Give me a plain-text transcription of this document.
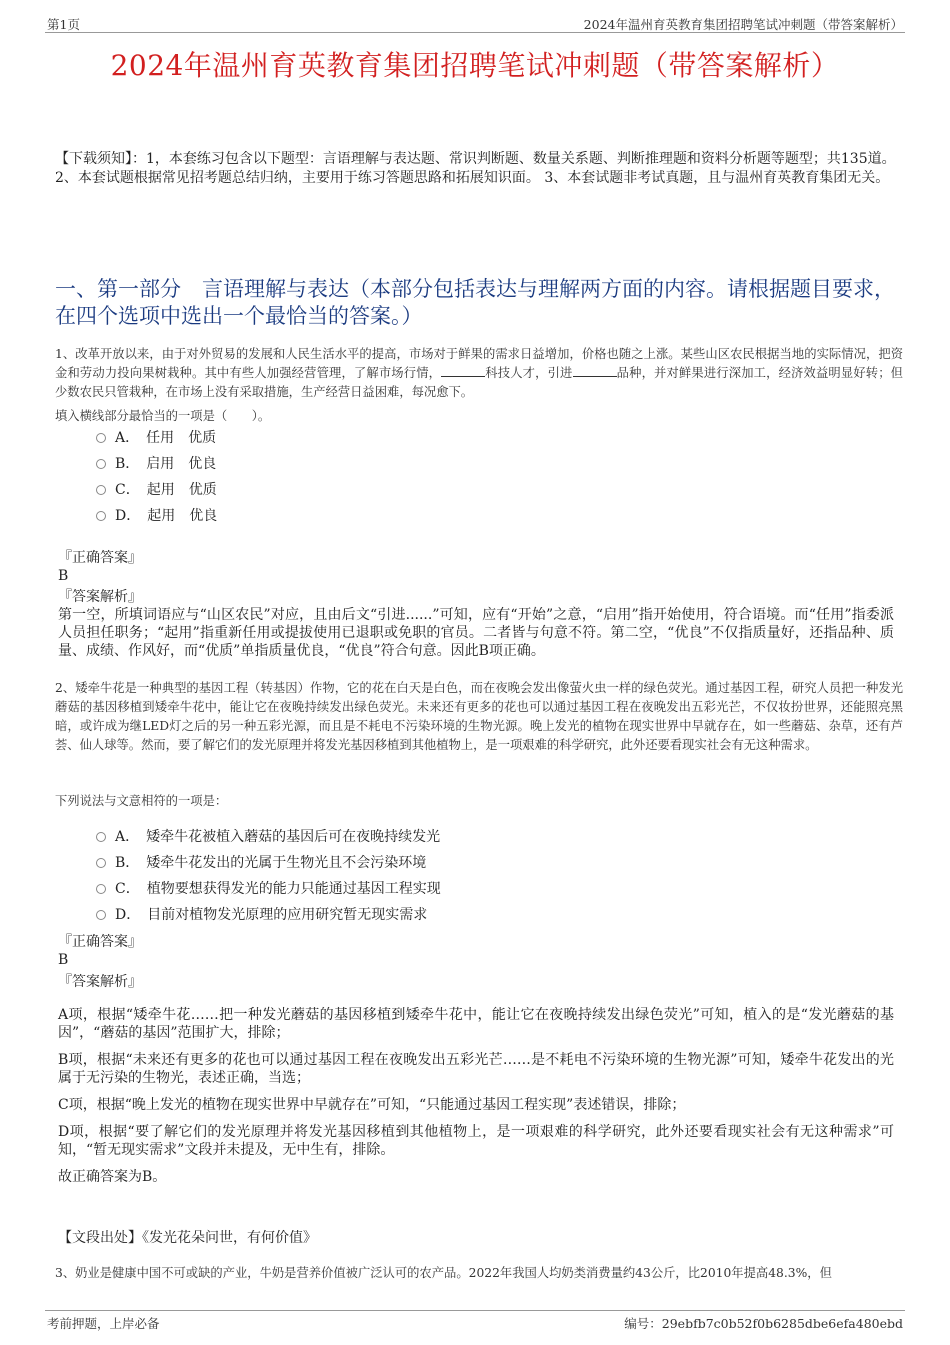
第1页	2024年温州育英教育集团招聘笔试冲刺题（带答案解析）
2024年温州育英教育集团招聘笔试冲刺题（带答案解析）
【下载须知】：1，本套练习包含以下题型：言语理解与表达题、常识判断题、数量关系题、判断推理题和资料分析题等题型；共135道。 2、本套试题根据常见招考题总结归纳，主要用于练习答题思路和拓展知识面。 3、本套试题非考试真题，且与温州育英教育集团无关。
一、第一部分　言语理解与表达（本部分包括表达与理解两方面的内容。请根据题目要求，在四个选项中选出一个最恰当的答案。）
1、改革开放以来，由于对外贸易的发展和人民生活水平的提高，市场对于鲜果的需求日益增加，价格也随之上涨。某些山区农民根据当地的实际情况，把资金和劳动力投向果树栽种。其中有些人加强经营管理，了解市场行情，	科技人才，引进	品种，并对鲜果进行深加工，经济效益明显好转；但少数农民只管栽种，在市场上没有采取措施，生产经营日益困难，每况愈下。
填入横线部分最恰当的一项是（　　）。
A．　任用　优质
B．　启用　优良
C．　起用　优质
D．　起用　优良
『正确答案』
B
『答案解析』
第一空，所填词语应与“山区农民”对应，且由后文“引进......”可知，应有“开始”之意，“启用”指开始使用，符合语境。而“任用”指委派人员担任职务；“起用”指重新任用或提拔使用已退职或免职的官员。二者皆与句意不符。第二空，“优良”不仅指质量好，还指品种、质量、成绩、作风好，而“优质”单指质量优良，“优良”符合句意。因此B项正确。
2、矮牵牛花是一种典型的基因工程（转基因）作物，它的花在白天是白色，而在夜晚会发出像萤火虫一样的绿色荧光。通过基因工程，研究人员把一种发光蘑菇的基因移植到矮牵牛花中，能让它在夜晚持续发出绿色荧光。未来还有更多的花也可以通过基因工程在夜晚发出五彩光芒，不仅妆扮世界，还能照亮黑暗，或许成为继LED灯之后的另一种五彩光源，而且是不耗电不污染环境的生物光源。晚上发光的植物在现实世界中早就存在，如一些蘑菇、杂草，还有芦荟、仙人球等。然而，要了解它们的发光原理并将发光基因移植到其他植物上，是一项艰难的科学研究，此外还要看现实社会有无这种需求。
下列说法与文意相符的一项是：
A．　矮牵牛花被植入蘑菇的基因后可在夜晚持续发光
B．　矮牵牛花发出的光属于生物光且不会污染环境
C．　植物要想获得发光的能力只能通过基因工程实现
D．　目前对植物发光原理的应用研究暂无现实需求
『正确答案』
B
『答案解析』

A项，根据“矮牵牛花……把一种发光蘑菇的基因移植到矮牵牛花中，能让它在夜晚持续发出绿色荧光”可知，植入的是“发光蘑菇的基因”，“蘑菇的基因”范围扩大，排除；

B项，根据“未来还有更多的花也可以通过基因工程在夜晚发出五彩光芒……是不耗电不污染环境的生物光源”可知，矮牵牛花发出的光属于无污染的生物光，表述正确，当选；

C项，根据“晚上发光的植物在现实世界中早就存在”可知，“只能通过基因工程实现”表述错误，排除；

D项，根据“要了解它们的发光原理并将发光基因移植到其他植物上，是一项艰难的科学研究，此外还要看现实社会有无这种需求”可知，“暂无现实需求”文段并未提及，无中生有，排除。

故正确答案为B。

【文段出处】《发光花朵问世，有何价值》
3、奶业是健康中国不可或缺的产业，牛奶是营养价值被广泛认可的农产品。2022年我国人均奶类消费量约43公斤，比2010年提高48.3%，但
考前押题，上岸必备	编号：29ebfb7c0b52f0b6285dbe6efa480ebd
